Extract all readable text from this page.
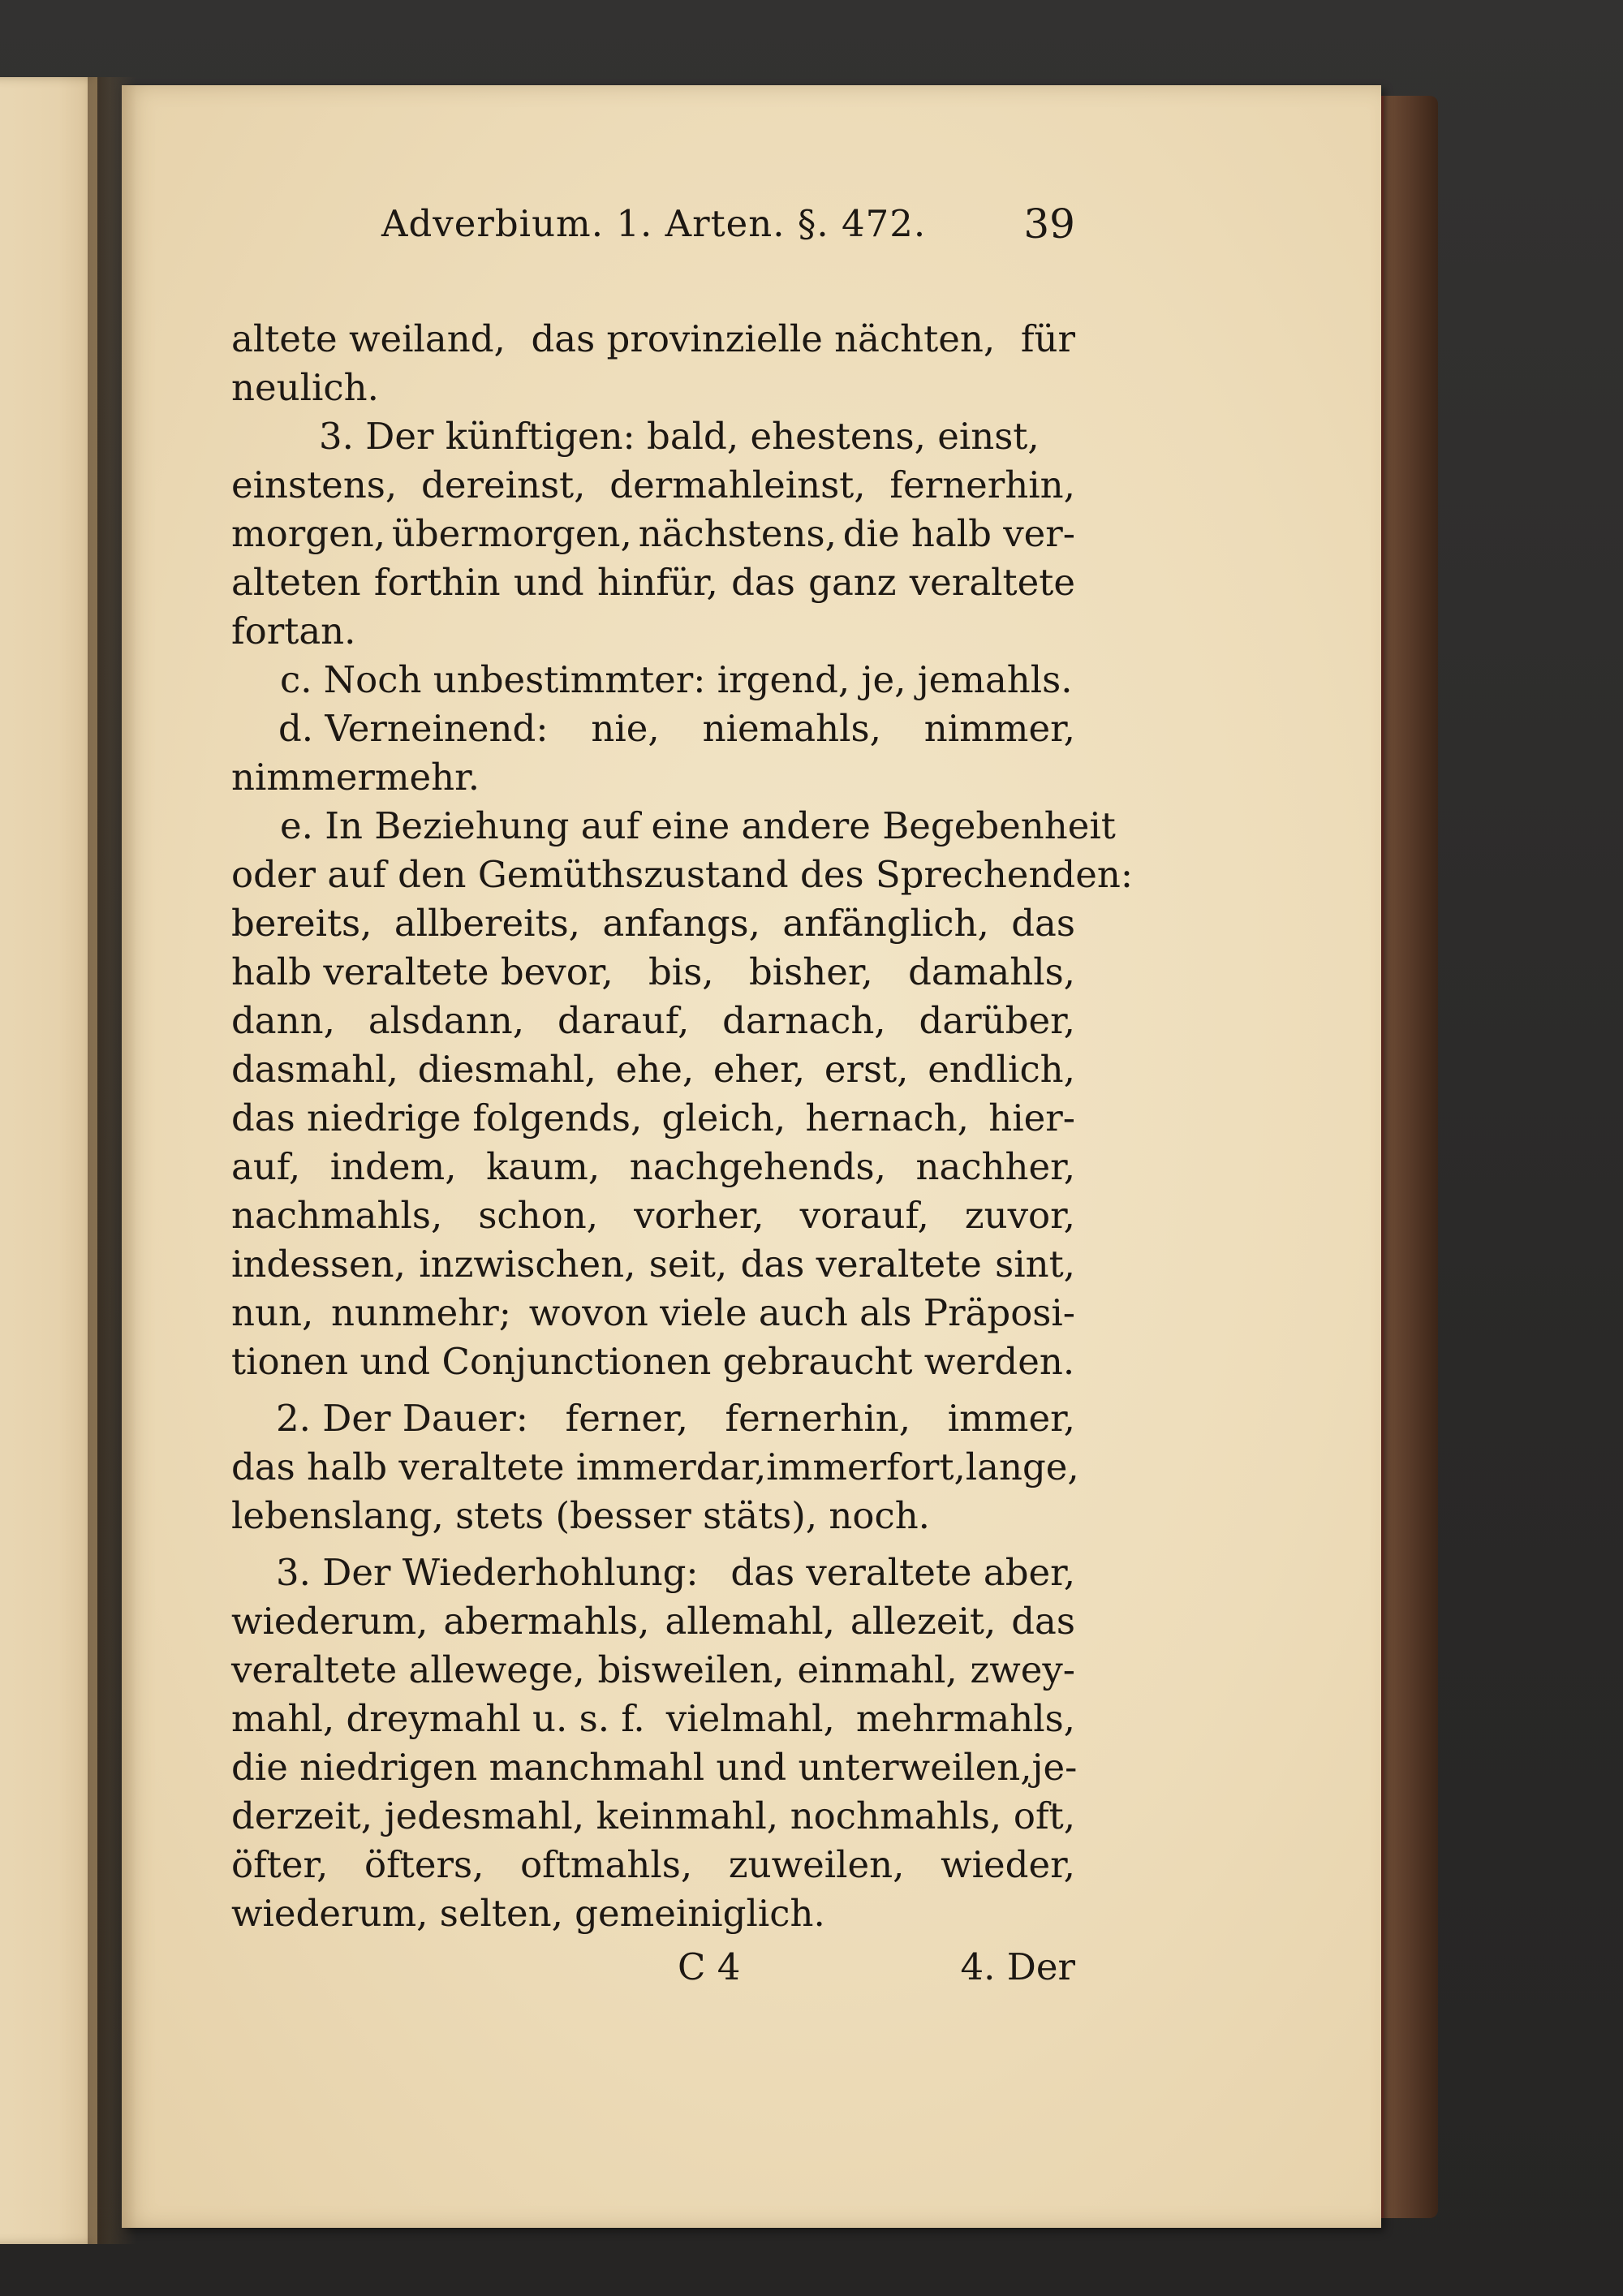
Adverbium. 1. Arten. §. 472. 39
altete weiland, das provinzielle nächten, für
neulich.
3. Der künftigen: bald, ehestens, einst,
einstens, dereinst, dermahleinst, fernerhin,
morgen, übermorgen, nächstens, die halb ver-
alteten forthin und hinfür, das ganz veraltete
fortan.
c. Noch unbestimmter: irgend, je, jemahls.
d. Verneinend: nie, niemahls, nimmer,
nimmermehr.
e. In Beziehung auf eine andere Begebenheit
oder auf den Gemüthszustand des Sprechenden:
bereits, allbereits, anfangs, anfänglich, das
halb veraltete bevor, bis, bisher, damahls,
dann, alsdann, darauf, darnach, darüber,
dasmahl, diesmahl, ehe, eher, erst, endlich,
das niedrige folgends, gleich, hernach, hier-
auf, indem, kaum, nachgehends, nachher,
nachmahls, schon, vorher, vorauf, zuvor,
indessen, inzwischen, seit, das veraltete sint,
nun, nunmehr; wovon viele auch als Präposi-
tionen und Conjunctionen gebraucht werden.
2. Der Dauer: ferner, fernerhin, immer,
das halb veraltete immerdar, immerfort, lange,
lebenslang, stets (besser stäts), noch.
3. Der Wiederhohlung: das veraltete aber,
wiederum, abermahls, allemahl, allezeit, das
veraltete allewege, bisweilen, einmahl, zwey-
mahl, dreymahl u. s. f. vielmahl, mehrmahls,
die niedrigen manchmahl und unterweilen, je-
derzeit, jedesmahl, keinmahl, nochmahls, oft,
öfter, öfters, oftmahls, zuweilen, wieder,
wiederum, selten, gemeiniglich.
C 4	4. Der
